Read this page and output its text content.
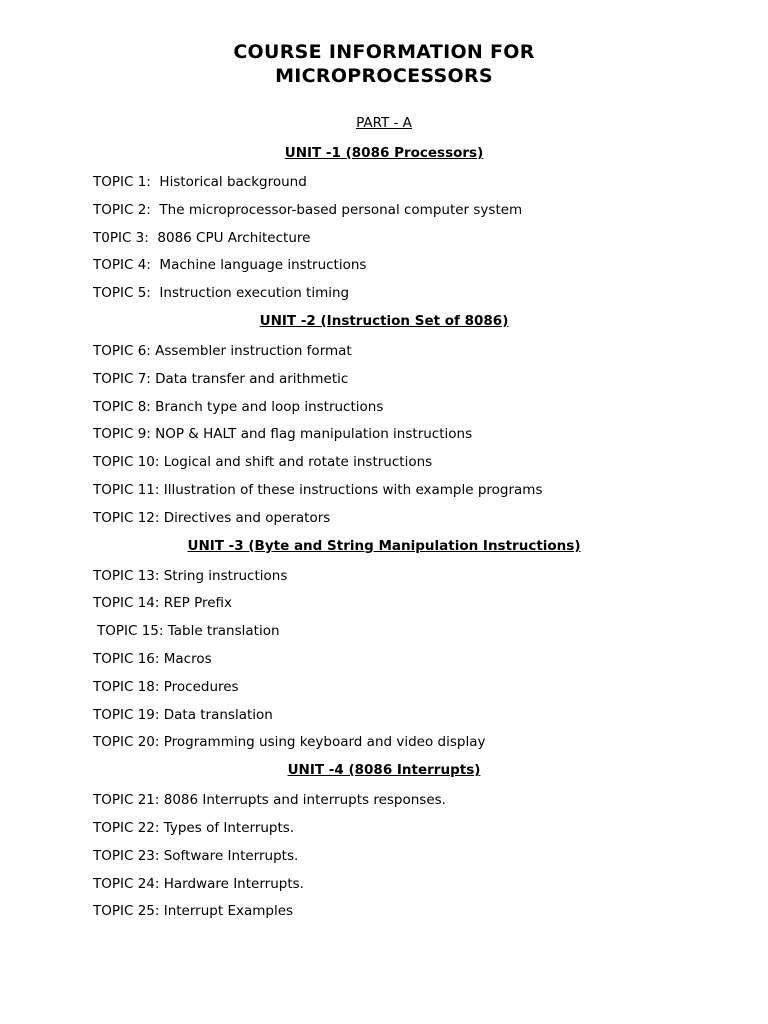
COURSE INFORMATION FOR
MICROPROCESSORS
PART - A
UNIT -1 (8086 Processors)
TOPIC 1:  Historical background
TOPIC 2:  The microprocessor-based personal computer system
T0PIC 3:  8086 CPU Architecture
TOPIC 4:  Machine language instructions
TOPIC 5:  Instruction execution timing
UNIT -2 (Instruction Set of 8086)
TOPIC 6: Assembler instruction format
TOPIC 7: Data transfer and arithmetic
TOPIC 8: Branch type and loop instructions
TOPIC 9: NOP & HALT and flag manipulation instructions
TOPIC 10: Logical and shift and rotate instructions
TOPIC 11: Illustration of these instructions with example programs
TOPIC 12: Directives and operators
UNIT -3 (Byte and String Manipulation Instructions)
TOPIC 13: String instructions
TOPIC 14: REP Prefix
TOPIC 15: Table translation
TOPIC 16: Macros
TOPIC 18: Procedures
TOPIC 19: Data translation
TOPIC 20: Programming using keyboard and video display
UNIT -4 (8086 Interrupts)
TOPIC 21: 8086 Interrupts and interrupts responses.
TOPIC 22: Types of Interrupts.
TOPIC 23: Software Interrupts.
TOPIC 24: Hardware Interrupts.
TOPIC 25: Interrupt Examples
